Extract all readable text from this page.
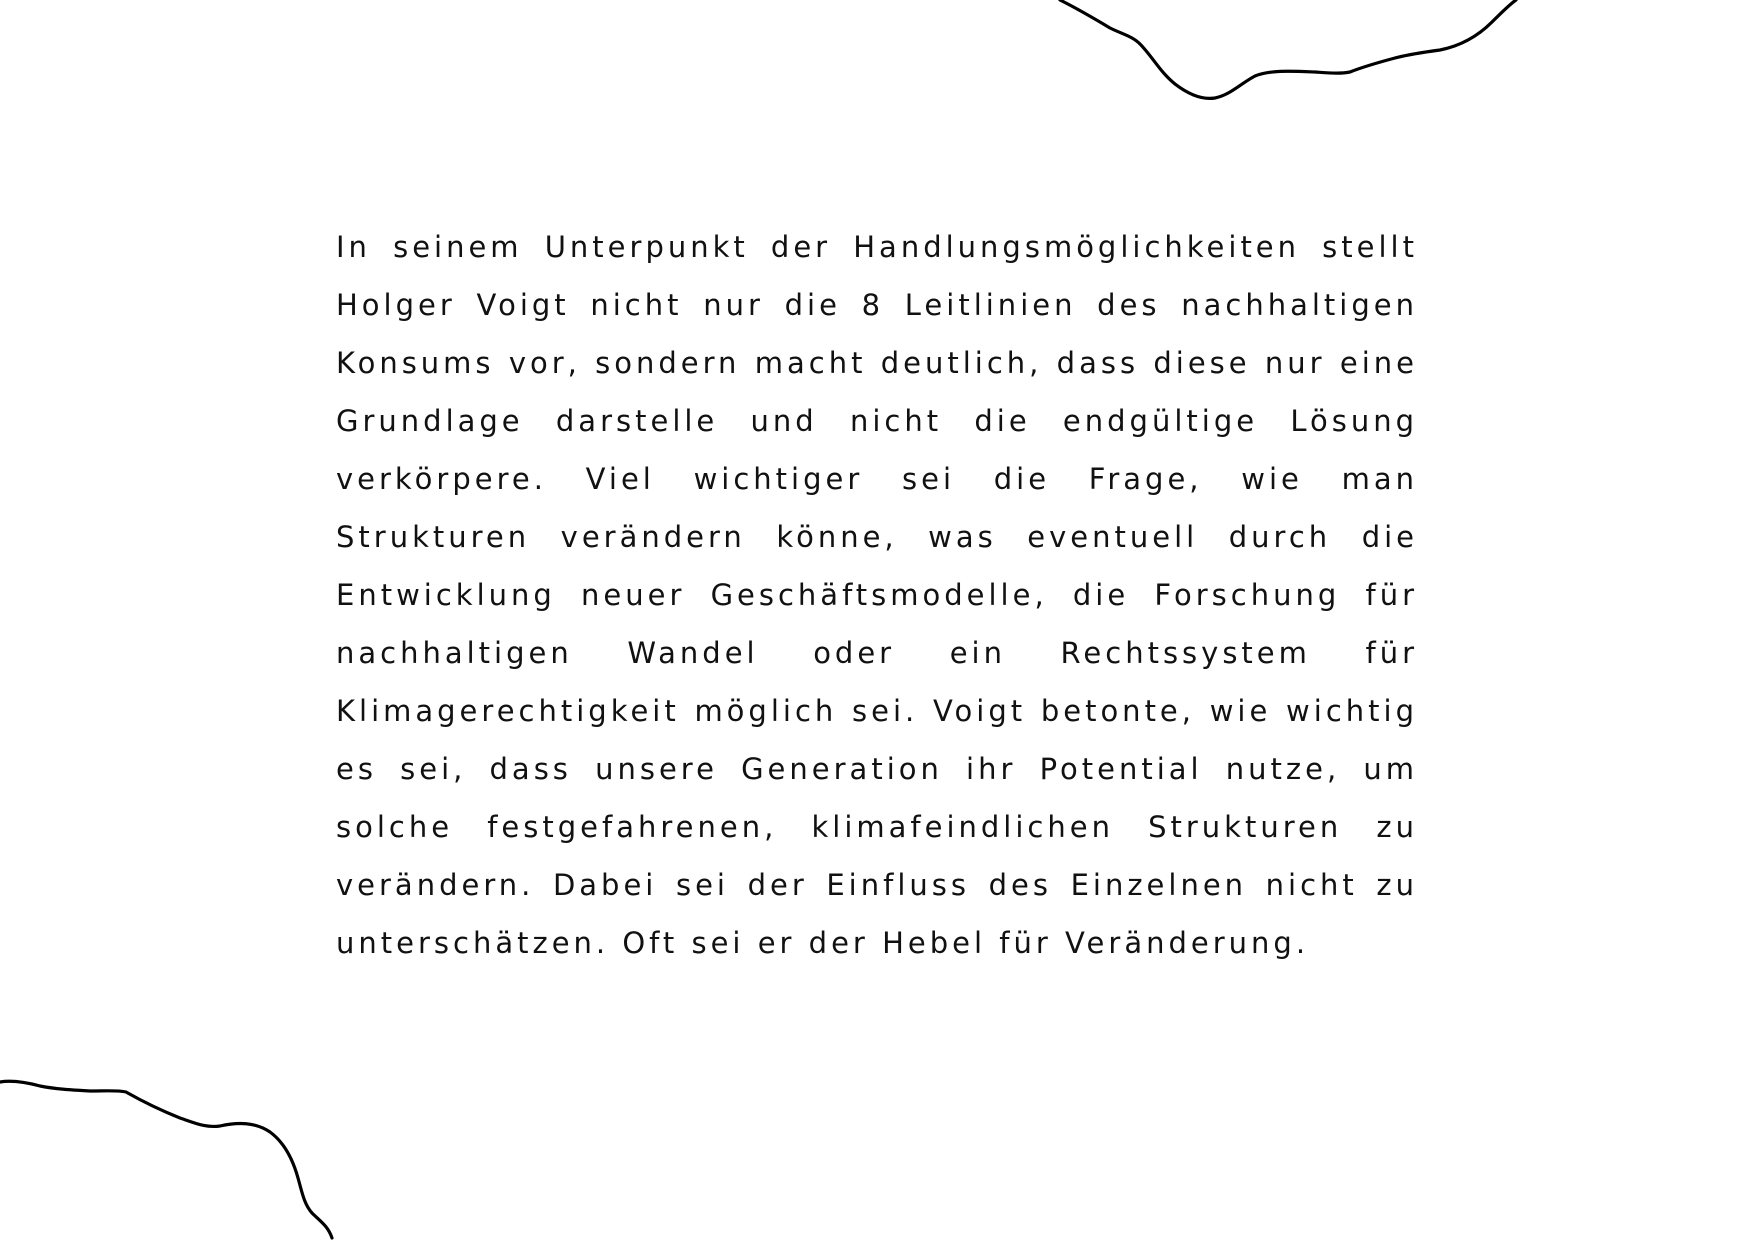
In seinem Unterpunkt der Handlungsmöglichkeiten stellt
Holger Voigt nicht nur die 8 Leitlinien des nachhaltigen
Konsums vor, sondern macht deutlich, dass diese nur eine
Grundlage darstelle und nicht die endgültige Lösung
verkörpere. Viel wichtiger sei die Frage, wie man
Strukturen verändern könne, was eventuell durch die
Entwicklung neuer Geschäftsmodelle, die Forschung für
nachhaltigen Wandel oder ein Rechtssystem für
Klimagerechtigkeit möglich sei. Voigt betonte, wie wichtig
es sei, dass unsere Generation ihr Potential nutze, um
solche festgefahrenen, klimafeindlichen Strukturen zu
verändern. Dabei sei der Einfluss des Einzelnen nicht zu
unterschätzen. Oft sei er der Hebel für Veränderung.
